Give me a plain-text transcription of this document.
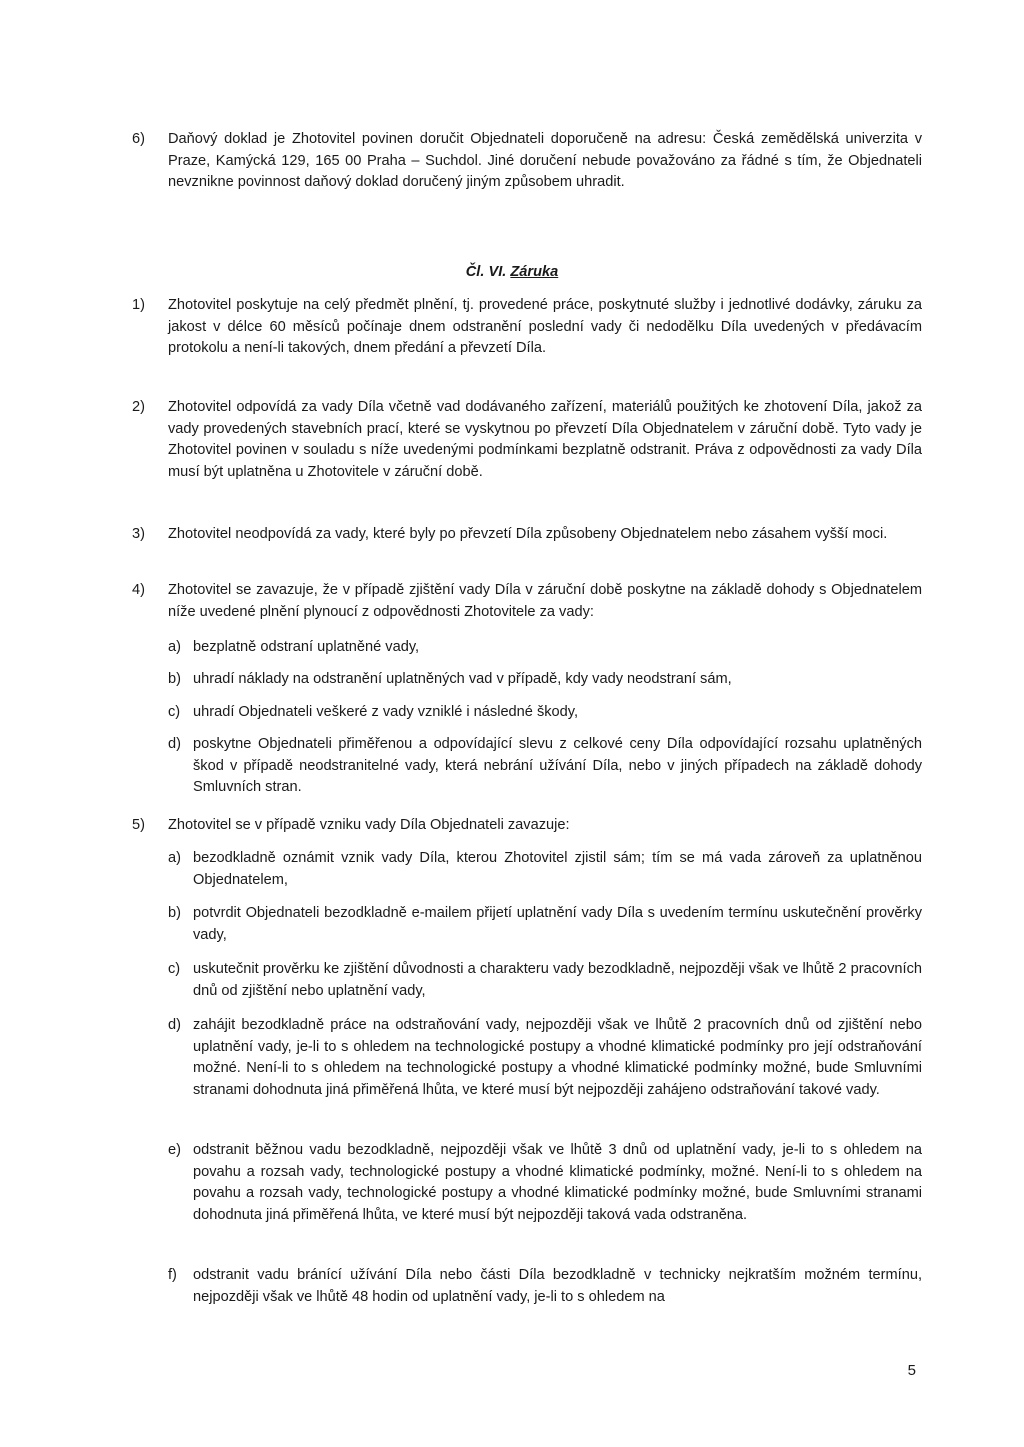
6)	Daňový doklad je Zhotovitel povinen doručit Objednateli doporučeně na adresu: Česká zemědělská univerzita v Praze, Kamýcká 129, 165 00 Praha – Suchdol. Jiné doručení nebude považováno za řádné s tím, že Objednateli nevznikne povinnost daňový doklad doručený jiným způsobem uhradit.
Čl. VI. Záruka
1)	Zhotovitel poskytuje na celý předmět plnění, tj. provedené práce, poskytnuté služby i jednotlivé dodávky, záruku za jakost v délce 60 měsíců počínaje dnem odstranění poslední vady či nedodělku Díla uvedených v předávacím protokolu a není-li takových, dnem předání a převzetí Díla.
2)	Zhotovitel odpovídá za vady Díla včetně vad dodávaného zařízení, materiálů použitých ke zhotovení Díla, jakož za vady provedených stavebních prací, které se vyskytnou po převzetí Díla Objednatelem v záruční době. Tyto vady je Zhotovitel povinen v souladu s níže uvedenými podmínkami bezplatně odstranit. Práva z odpovědnosti za vady Díla musí být uplatněna u Zhotovitele v záruční době.
3)	Zhotovitel neodpovídá za vady, které byly po převzetí Díla způsobeny Objednatelem nebo zásahem vyšší moci.
4)	Zhotovitel se zavazuje, že v případě zjištění vady Díla v záruční době poskytne na základě dohody s Objednatelem níže uvedené plnění plynoucí z odpovědnosti Zhotovitele za vady:
a) bezplatně odstraní uplatněné vady,
b) uhradí náklady na odstranění uplatněných vad v případě, kdy vady neodstraní sám,
c) uhradí Objednateli veškeré z vady vzniklé i následné škody,
d) poskytne Objednateli přiměřenou a odpovídající slevu z celkové ceny Díla odpovídající rozsahu uplatněných škod v případě neodstranitelné vady, která nebrání užívání Díla, nebo v jiných případech na základě dohody Smluvních stran.
5)	Zhotovitel se v případě vzniku vady Díla Objednateli zavazuje:
a) bezodkladně oznámit vznik vady Díla, kterou Zhotovitel zjistil sám; tím se má vada zároveň za uplatněnou Objednatelem,
b) potvrdit Objednateli bezodkladně e-mailem přijetí uplatnění vady Díla s uvedením termínu uskutečnění prověrky vady,
c) uskutečnit prověrku ke zjištění důvodnosti a charakteru vady bezodkladně, nejpozději však ve lhůtě 2 pracovních dnů od zjištění nebo uplatnění vady,
d) zahájit bezodkladně práce na odstraňování vady, nejpozději však ve lhůtě 2 pracovních dnů od zjištění nebo uplatnění vady, je-li to s ohledem na technologické postupy a vhodné klimatické podmínky pro její odstraňování možné. Není-li to s ohledem na technologické postupy a vhodné klimatické podmínky možné, bude Smluvními stranami dohodnuta jiná přiměřená lhůta, ve které musí být nejpozději zahájeno odstraňování takové vady.
e) odstranit běžnou vadu bezodkladně, nejpozději však ve lhůtě 3 dnů od uplatnění vady, je-li to s ohledem na povahu a rozsah vady, technologické postupy a vhodné klimatické podmínky, možné. Není-li to s ohledem na povahu a rozsah vady, technologické postupy a vhodné klimatické podmínky možné, bude Smluvními stranami dohodnuta jiná přiměřená lhůta, ve které musí být nejpozději taková vada odstraněna.
f)	odstranit vadu bránící užívání Díla nebo části Díla bezodkladně v technicky nejkratším možném termínu, nejpozději však ve lhůtě 48 hodin od uplatnění vady, je-li to s ohledem na
5
